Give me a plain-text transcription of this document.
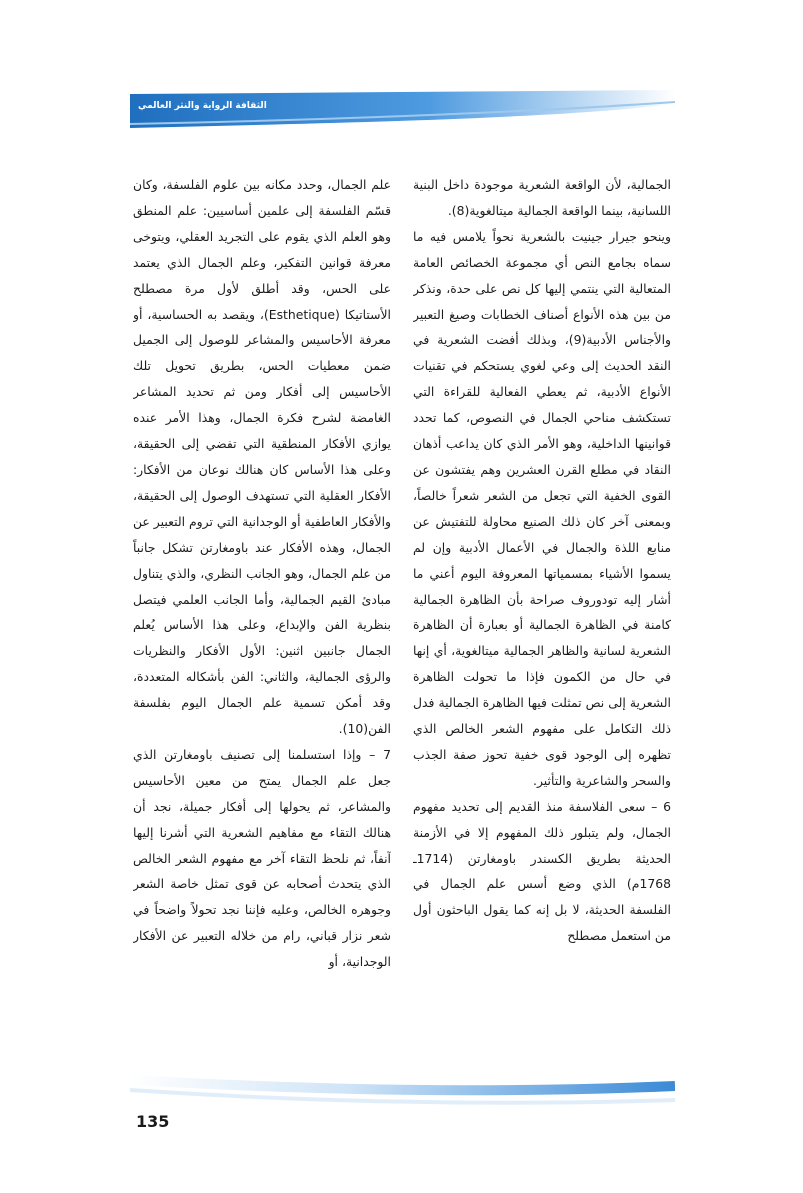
الثقافة الرواية والنثر العالمي

الجمالية، لأن الواقعة الشعرية موجودة داخل البنية اللسانية، بينما الواقعة الجمالية ميتالغوية(8).

وينحو جيرار جينيت بالشعرية نحواً يلامس فيه ما سماه بجامع النص أي مجموعة الخصائص العامة المتعالية التي ينتمي إليها كل نص على حدة، ونذكر من بين هذه الأنواع أصناف الخطابات وصيغ التعبير والأجناس الأدبية(9)، وبذلك أفضت الشعرية في النقد الحديث إلى وعي لغوي يستحكم في تقنيات الأنواع الأدبية، ثم يعطي الفعالية للقراءة التي تستكشف مناحي الجمال في النصوص، كما تحدد قوانينها الداخلية، وهو الأمر الذي كان يداعب أذهان النقاد في مطلع القرن العشرين وهم يفتشون عن القوى الخفية التي تجعل من الشعر شعراً خالصاً، وبمعنى آخر كان ذلك الصنيع محاولة للتفتيش عن منابع اللذة والجمال في الأعمال الأدبية وإن لم يسموا الأشياء بمسمياتها المعروفة اليوم أعني ما أشار إليه تودوروف صراحة بأن الظاهرة الجمالية كامنة في الظاهرة الجمالية أو بعبارة أن الظاهرة الشعرية لسانية والظاهر الجمالية ميتالغوية، أي إنها في حال من الكمون فإذا ما تحولت الظاهرة الشعرية إلى نص تمثلت فيها الظاهرة الجمالية فدل ذلك التكامل على مفهوم الشعر الخالص الذي تظهره إلى الوجود قوى خفية تحوز صفة الجذب والسحر والشاعرية والتأثير.

6 – سعى الفلاسفة منذ القديم إلى تحديد مفهوم الجمال، ولم يتبلور ذلك المفهوم إلا في الأزمنة الحديثة بطريق الكسندر باومغارتن (1714ـ 1768م) الذي وضع أسس علم الجمال في الفلسفة الحديثة، لا بل إنه كما يقول الباحثون أول من استعمل مصطلح

علم الجمال، وحدد مكانه بين علوم الفلسفة، وكان قسّم الفلسفة إلى علمين أساسيين: علم المنطق وهو العلم الذي يقوم على التجريد العقلي، ويتوخى معرفة قوانين التفكير، وعلم الجمال الذي يعتمد على الحس، وقد أطلق لأول مرة مصطلح الأستاتيكا (Esthetique)، ويقصد به الحساسية، أو معرفة الأحاسيس والمشاعر للوصول إلى الجميل ضمن معطيات الحس، بطريق تحويل تلك الأحاسيس إلى أفكار ومن ثم تحديد المشاعر الغامضة لشرح فكرة الجمال، وهذا الأمر عنده يوازي الأفكار المنطقية التي تفضي إلى الحقيقة، وعلى هذا الأساس كان هنالك نوعان من الأفكار: الأفكار العقلية التي تستهدف الوصول إلى الحقيقة، والأفكار العاطفية أو الوجدانية التي تروم التعبير عن الجمال، وهذه الأفكار عند باومغارتن تشكل جانباً من علم الجمال، وهو الجانب النظري، والذي يتناول مبادئ القيم الجمالية، وأما الجانب العلمي فيتصل بنظرية الفن والإبداع، وعلى هذا الأساس يُعلم الجمال جانبين اثنين: الأول الأفكار والنظريات والرؤى الجمالية، والثاني: الفن بأشكاله المتعددة، وقد أمكن تسمية علم الجمال اليوم بفلسفة الفن(10).

7 – وإذا استسلمنا إلى تصنيف باومغارتن الذي جعل علم الجمال يمتح من معين الأحاسيس والمشاعر، ثم يحولها إلى أفكار جميلة، نجد أن هنالك التقاء مع مفاهيم الشعرية التي أشرنا إليها آنفاً، ثم نلحظ التقاء آخر مع مفهوم الشعر الخالص الذي يتحدث أصحابه عن قوى تمثل خاصة الشعر وجوهره الخالص، وعليه فإننا نجد تحولاً واضحاً في شعر نزار قباني، رام من خلاله التعبير عن الأفكار الوجدانية، أو

135
